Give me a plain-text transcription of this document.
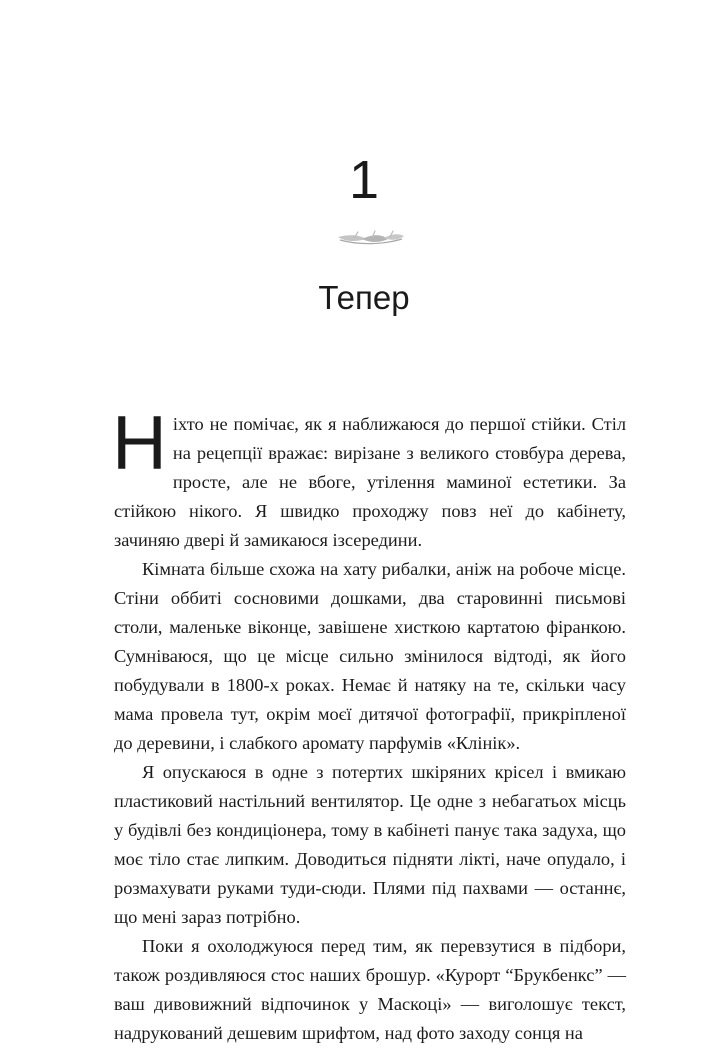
1
Тепер

Ніхто не помічає, як я наближаюся до першої стійки. Стіл на рецепції вражає: вирізане з великого стовбура дерева, просте, але не вбоге, утілення маминої естетики. За стійкою нікого. Я швидко проходжу повз неї до кабінету, зачиняю двері й замикаюся ізсередини.

Кімната більше схожа на хату рибалки, аніж на робоче місце. Стіни оббиті сосновими дошками, два старовинні письмові столи, маленьке віконце, завішене хисткою картатою фіранкою. Сумніваюся, що це місце сильно змінилося відтоді, як його побудували в 1800-х роках. Немає й натяку на те, скільки часу мама провела тут, окрім моєї дитячої фотографії, прикріпленої до деревини, і слабкого аромату парфумів «Клінік».

Я опускаюся в одне з потертих шкіряних крісел і вмикаю пластиковий настільний вентилятор. Це одне з небагатьох місць у будівлі без кондиціонера, тому в кабінеті панує така задуха, що моє тіло стає липким. Доводиться підняти лікті, наче опудало, і розмахувати руками туди-сюди. Плями під пахвами — останнє, що мені зараз потрібно.

Поки я охолоджуюся перед тим, як перевзутися в підбори, також роздивляюся стос наших брошур. «Курорт “Брукбенкс” — ваш дивовижний відпочинок у Маскоці» — виголошує текст, надрукований дешевим шрифтом, над фото заходу сонця на
